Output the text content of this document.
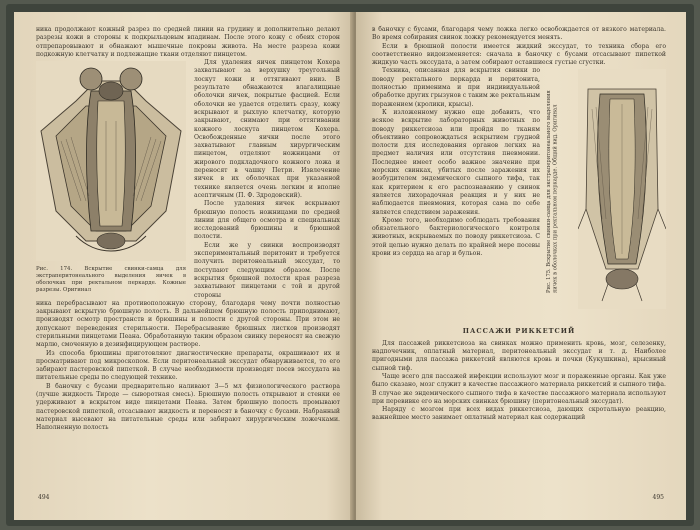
ника продолжают кожный разрез по средней линии на грудину и дополнительно делают разрезы кожи в стороны к подкрыльцовым впадинам. После этого кожу с обеих сторон отпрепаровывают и обнажают мышечные покровы живота. На месте разреза кожи подкожную клетчатку и подлежащие ткани отделяют пинцетом.

Рис. 174. Вскрытие свинки-самца для экстраперитонеального выделения яичек в оболочках при ректальном перкарде. Кожные разрезы. Оригинал

Для удаления яичек пинцетом Кохера захватывают за верхушку треугольный лоскут кожи и оттягивают вниз. В результате обнажаются влагалищные оболочки яичек, покрытые фасцией. Если оболочки не удается отделить сразу, кожу вскрывают и рыхлую клетчатку, которую закрывают, снимают при оттягивании кожного лоскута пинцетом Кохера. Освобожденные яички после этого захватывают главным хирургическим пинцетом, отделяют ножницами от жирового подкладочного кожного ложа и переносят в чашку Петри. Извлечение яичек в их оболочках при указанной технике является очень легким и вполне асептичным (П. Ф. Здродовский).

После удаления яичек вскрывают брюшную полость ножницами по средней линии для общего осмотра и специальных исследований брюшины и брюшной полости.

Если же у свинки воспроизводят экспериментальный перитонит и требуется получить перитонеальный экссудат, то поступают следующим образом. После вскрытия брюшной полости края разреза захватывают пинцетами с той и другой стороны

ника перебрасывают на противоположную сторону, благодаря чему почти полностью закрывают вскрытую брюшную полость. В дальнейшем брюшную полость приподнимают, производят осмотр пространств и брюшины и полости с другой стороны. При этом не допускают переведения стерильности. Перебрасывание брюшных листков производят стерильными пинцетами Пеана. Обработанную таким образом свинку переносят на свежую марлю, смоченную в дезинфицирующем растворе.

Из способа брюшины приготовляют диагностические препараты, окрашивают их и просматривают под микроскопом. Если перитонеальный экссудат обнаруживается, то его забирают пастеровской пипеткой. В случае необходимости производят посев экссудата на питательные среды по следующей технике.

В баночку с бусами предварительно наливают 3—5 мл физиологического раствора (лучше жидкость Тироде — сыворотная смесь). Брюшную полость открывают и стенки ее удерживают в вскрытом виде пинцетами Пеана. Затем брюшную полость промывают пастеровской пипеткой, отсасывают жидкость и переносят в баночку с бусами. Набранный материал высевают на питательные среды или забирают хирургическим ложечками. Наполненную полость

494

в баночку с бусами, благодаря чему ложка легко освобождается от вязкого материала. Во время собирания свинок ложку рекомендуется менять.

Если в брюшной полости имеется жидкий экссудат, то техника сбора его соответственно видоизменяется: сначала в баночку с бусами отсасывают пипеткой жидкую часть экссудата, а затем собирают оставшиеся густые сгустки.

Рис. 175. Вскрытие свинки-самца для экстраперитонеального выделения яичек в оболочках при ректальном перкарде. Общий вид. Оригинал

Техника, описанная для вскрытия свинки по поводу ректального перкарда и перитонита, полностью применима и при индивидуальной обработке других грызунов с таким же ректальным поражением (кролики, крысы).

К изложенному нужно еще добавить, что всякое вскрытие лабораторных животных по поводу риккетсиоза или пройдя по тканям объективно сопровождаться вскрытием грудной полости для исследования органов легких на предмет наличия или отсутствия пневмонии. Последнее имеет особо важное значение при морских свинках, убитых после заражения их возбудителем эндемического сыпного тифа, так как критерием к его распознаванию у свинок является лихорадочная реакция и у них не наблюдается пневмония, которая сама по себе является следствием заражения.

Кроме того, необходимо соблюдать требования обязательного бактериологического контроля животных, вскрываемых по поводу риккетсиоза. С этой целью нужно делать по крайней мере посевы крови из сердца на агар и бульон.

ПАССАЖИ РИККЕТСИЙ

Для пассажей риккетсиоза на свинках можно применить кровь, мозг, селезенку, надпочечник, оплатный материал, перитонеальный экссудат и т. д. Наиболее пригодными для пассажа риккетсий являются кровь и почки (Кукушкина), крысиный сыпной тиф.

Чаще всего для пассажей инфекции используют мозг и пораженные органы. Как уже было сказано, мозг служит в качестве пассажного материала риккетсий и сыпного тифа. В случае же эндемического сыпного тифа в качестве пассажного материала используют при перевивке его на морских свинках брюшину (перитонеальный экссудат).

Наряду с мозгом при всех видах риккетсиоза, дающих скротальную реакцию, важнейшее место занимает оплатный материал как содержащий

495
